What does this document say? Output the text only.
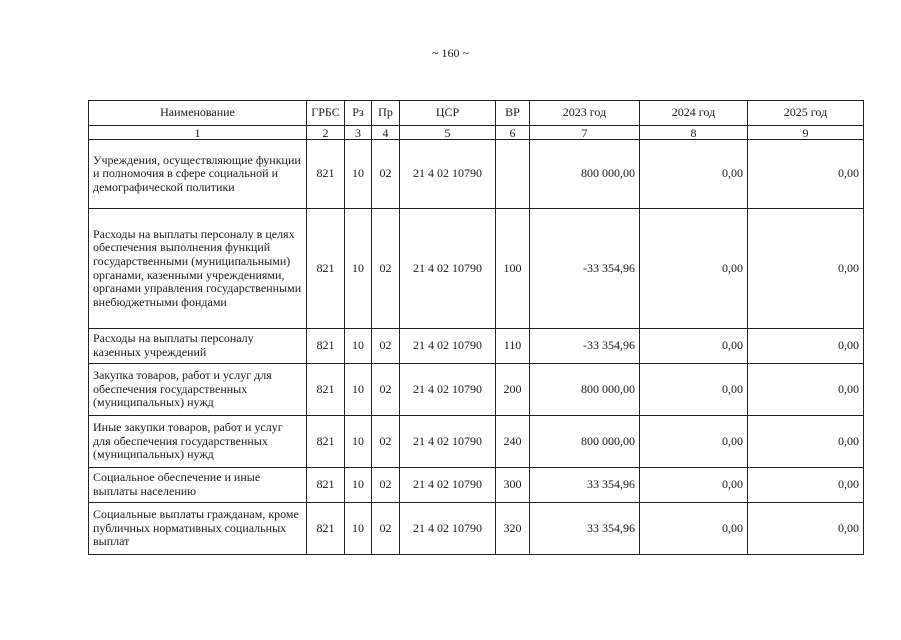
~ 160 ~
Наименование	ГРБС	Рз	Пр	ЦСР	ВР	2023 год	2024 год	2025 год
1	2	3	4	5	6	7	8	9
Учреждения, осуществляющие функции и полномочия в сфере социальной и демографической политики	821	10	02	21 4 02 10790		800 000,00	0,00	0,00
Расходы на выплаты персоналу в целях обеспечения выполнения функций государственными (муниципальными) органами, казенными учреждениями, органами управления государственными внебюджетными фондами	821	10	02	21 4 02 10790	100	-33 354,96	0,00	0,00
Расходы на выплаты персоналу казенных учреждений	821	10	02	21 4 02 10790	110	-33 354,96	0,00	0,00
Закупка товаров, работ и услуг для обеспечения государственных (муниципальных) нужд	821	10	02	21 4 02 10790	200	800 000,00	0,00	0,00
Иные закупки товаров, работ и услуг для обеспечения государственных (муниципальных) нужд	821	10	02	21 4 02 10790	240	800 000,00	0,00	0,00
Социальное обеспечение и иные выплаты населению	821	10	02	21 4 02 10790	300	33 354,96	0,00	0,00
Социальные выплаты гражданам, кроме публичных нормативных социальных выплат	821	10	02	21 4 02 10790	320	33 354,96	0,00	0,00
